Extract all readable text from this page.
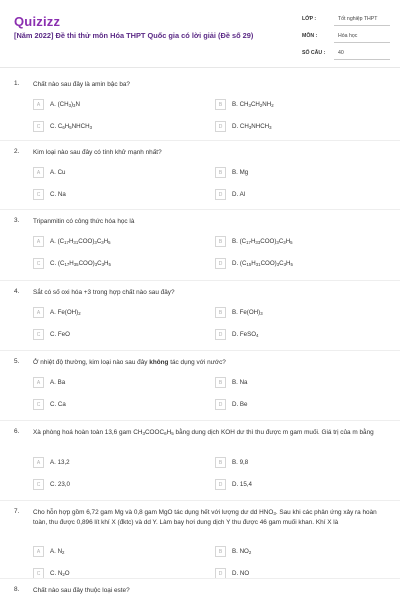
Quizizz
[Năm 2022] Đề thi thử môn Hóa THPT Quốc gia có lời giải (Đề số 29)
LỚP :	Tốt nghiệp THPT
MÔN :	Hóa học
SỐ CÂU :	40
1. Chất nào sau đây là amin bậc ba?
A	A. $(CH_3)_3N$	B	B. $CH_3CH_2NH_2$
C	C. $C_6H_5NHCH_3$	D	D. $CH_3NHCH_3$
2. Kim loại nào sau đây có tính khử mạnh nhất?
A	A. Cu	B	B. Mg
C	C. Na	D	D. Al
3. Tripanmitin có công thức hóa học là
A	A. $(C_{17}H_{31}COO)_3C_3H_5$	B	B. $(C_{17}H_{33}COO)_3C_3H_5$
C	C. $(C_{17}H_{35}COO)_3C_3H_5$	D	D. $(C_{15}H_{31}COO)_3C_3H_5$
4. Sắt có số oxi hóa +3 trong hợp chất nào sau đây?
A	A. $Fe(OH)_2$	B	B. $Fe(OH)_3$
C	C. FeO	D	D. FeSO$_4$
5. Ở nhiệt độ thường, kim loại nào sau đây không tác dụng với nước?
A	A. Ba	B	B. Na
C	C. Ca	D	D. Be
6. Xà phòng hoá hoàn toàn 13,6 gam $CH_3COOC_6H_5$ bằng dung dịch KOH dư thì thu được m gam muối. Giá trị của m bằng
A	A. 13,2	B	B. 9,8
C	C. 23,0	D	D. 15,4
7. Cho hỗn hợp gồm 6,72 gam Mg và 0,8 gam MgO tác dụng hết với lượng dư dd $HNO_3$. Sau khi các phản ứng xảy ra hoàn toàn, thu được 0,896 lít khí X (đktc) và dd Y. Làm bay hơi dung dịch Y thu được 46 gam muối khan. Khí X là
A	A. $N_2$	B	B. $NO_2$
C	C. $N_2O$	D	D. NO
8. Chất nào sau đây thuộc loại este?
